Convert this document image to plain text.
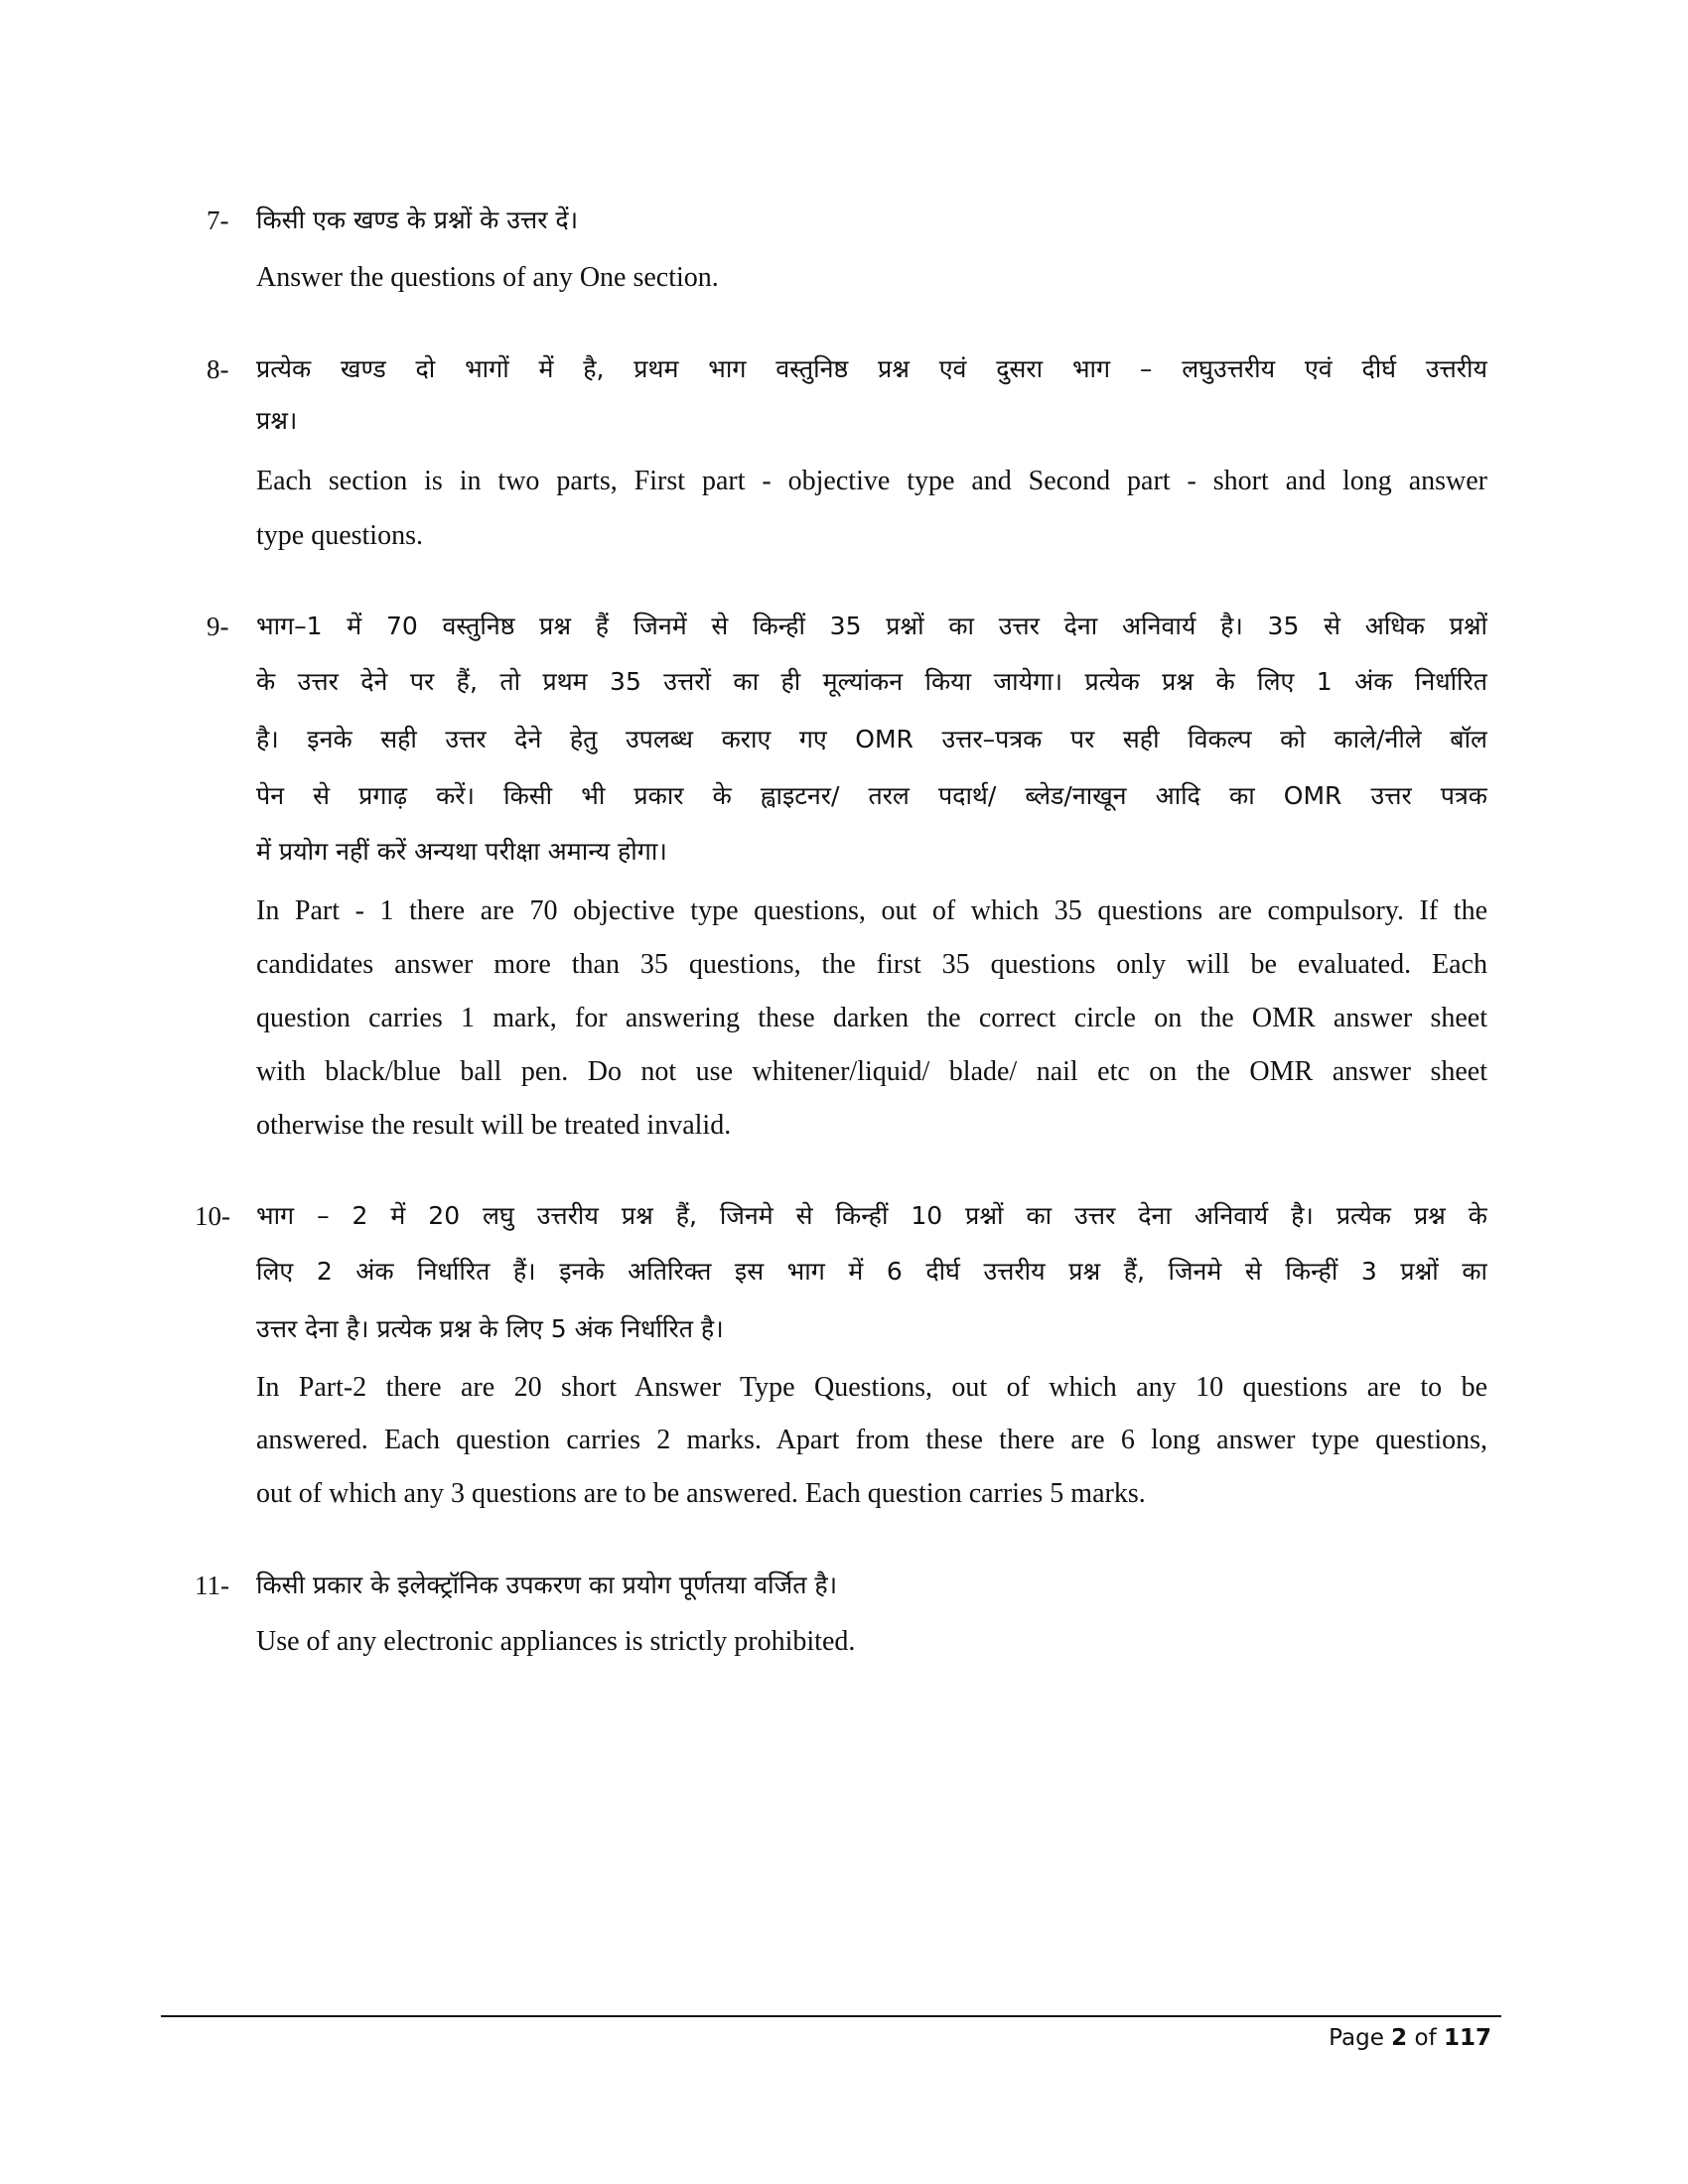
7- किसी एक खण्ड के प्रश्नों के उत्तर दें।
Answer the questions of any One section.
8- प्रत्येक खण्ड दो भागों में है, प्रथम भाग वस्तुनिष्ठ प्रश्न एवं दुसरा भाग – लघुउत्तरीय एवं दीर्घ उत्तरीय
प्रश्न।
Each section is in two parts, First part - objective type and Second part - short and long answer
type questions.
9- भाग–1 में 70 वस्तुनिष्ठ प्रश्न हैं जिनमें से किन्हीं 35 प्रश्नों का उत्तर देना अनिवार्य है। 35 से अधिक प्रश्नों
के उत्तर देने पर हैं, तो प्रथम 35 उत्तरों का ही मूल्यांकन किया जायेगा। प्रत्येक प्रश्न के लिए 1 अंक निर्धारित
है। इनके सही उत्तर देने हेतु उपलब्ध कराए गए OMR उत्तर–पत्रक पर सही विकल्प को काले/नीले बॉल
पेन से प्रगाढ़ करें। किसी भी प्रकार के ह्वाइटनर/ तरल पदार्थ/ ब्लेड/नाखून आदि का OMR उत्तर पत्रक
में प्रयोग नहीं करें अन्यथा परीक्षा अमान्य होगा।
In Part - 1 there are 70 objective type questions, out of which 35 questions are compulsory. If the
candidates answer more than 35 questions, the first 35 questions only will be evaluated. Each
question carries 1 mark, for answering these darken the correct circle on the OMR answer sheet
with black/blue ball pen. Do not use whitener/liquid/ blade/ nail etc on the OMR answer sheet
otherwise the result will be treated invalid.
10- भाग – 2 में 20 लघु उत्तरीय प्रश्न हैं, जिनमे से किन्हीं 10 प्रश्नों का उत्तर देना अनिवार्य है। प्रत्येक प्रश्न के
लिए 2 अंक निर्धारित हैं। इनके अतिरिक्त इस भाग में 6 दीर्घ उत्तरीय प्रश्न हैं, जिनमे से किन्हीं 3 प्रश्नों का
उत्तर देना है। प्रत्येक प्रश्न के लिए 5 अंक निर्धारित है।
In Part-2 there are 20 short Answer Type Questions, out of which any 10 questions are to be
answered. Each question carries 2 marks. Apart from these there are 6 long answer type questions,
out of which any 3 questions are to be answered. Each question carries 5 marks.
11- किसी प्रकार के इलेक्ट्रॉनिक उपकरण का प्रयोग पूर्णतया वर्जित है।
Use of any electronic appliances is strictly prohibited.
Page 2 of 117
